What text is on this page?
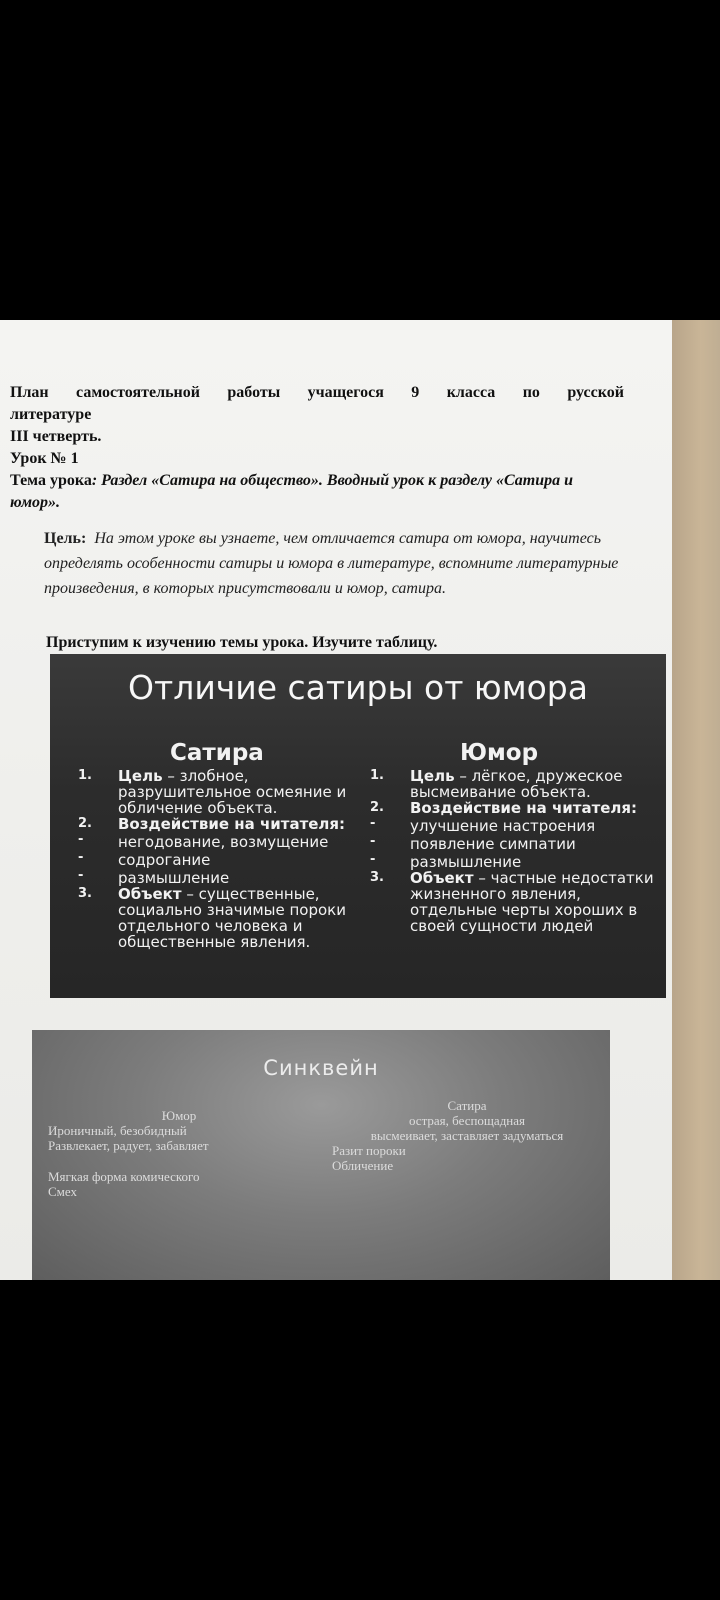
План самостоятельной работы учащегося 9 класса по русской
литературе
III четверть.
Урок № 1
Тема урока: Раздел «Сатира на общество». Вводный урок к разделу «Сатира и юмор».
Цель: На этом уроке вы узнаете, чем отличается сатира от юмора, научитесь определять особенности сатиры и юмора в литературе, вспомните литературные произведения, в которых присутствовали и юмор, сатира.
Приступим к изучению темы урока. Изучите таблицу.
Отличие сатиры от юмора
Сатира
1.	Цель – злобное, разрушительное осмеяние и обличение объекта.
2.	Воздействие на читателя:
-	негодование, возмущение
-	содрогание
-	размышление
3.	Объект – существенные, социально значимые пороки отдельного человека и общественные явления.
Юмор
1.	Цель – лёгкое, дружеское высмеивание объекта.
2.	Воздействие на читателя:
-	улучшение настроения
-	появление симпатии
-	размышление
3.	Объект – частные недостатки жизненного явления, отдельные черты хороших в своей сущности людей
Синквейн
Юмор
Ироничный, безобидный
Развлекает, радует, забавляет
Мягкая форма комического
Смех
Сатира
острая, беспощадная
высмеивает, заставляет задуматься
Разит пороки
Обличение
